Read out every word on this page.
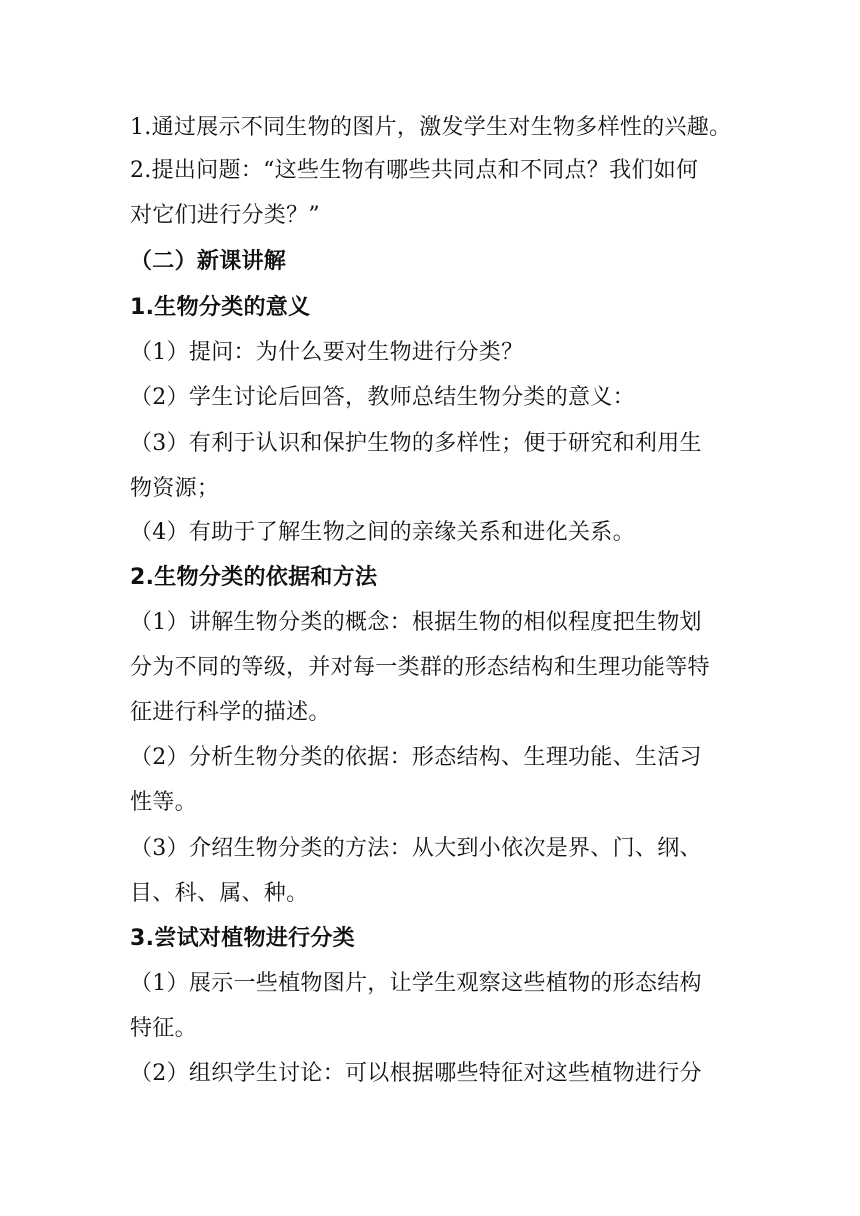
1.通过展示不同生物的图片，激发学生对生物多样性的兴趣。
2.提出问题：“这些生物有哪些共同点和不同点？我们如何
对它们进行分类？”
（二）新课讲解
1.生物分类的意义
（1）提问：为什么要对生物进行分类？
（2）学生讨论后回答，教师总结生物分类的意义：
（3）有利于认识和保护生物的多样性；便于研究和利用生
物资源；
（4）有助于了解生物之间的亲缘关系和进化关系。
2.生物分类的依据和方法
（1）讲解生物分类的概念：根据生物的相似程度把生物划
分为不同的等级，并对每一类群的形态结构和生理功能等特
征进行科学的描述。
（2）分析生物分类的依据：形态结构、生理功能、生活习
性等。
（3）介绍生物分类的方法：从大到小依次是界、门、纲、
目、科、属、种。
3.尝试对植物进行分类
（1）展示一些植物图片，让学生观察这些植物的形态结构
特征。
（2）组织学生讨论：可以根据哪些特征对这些植物进行分
